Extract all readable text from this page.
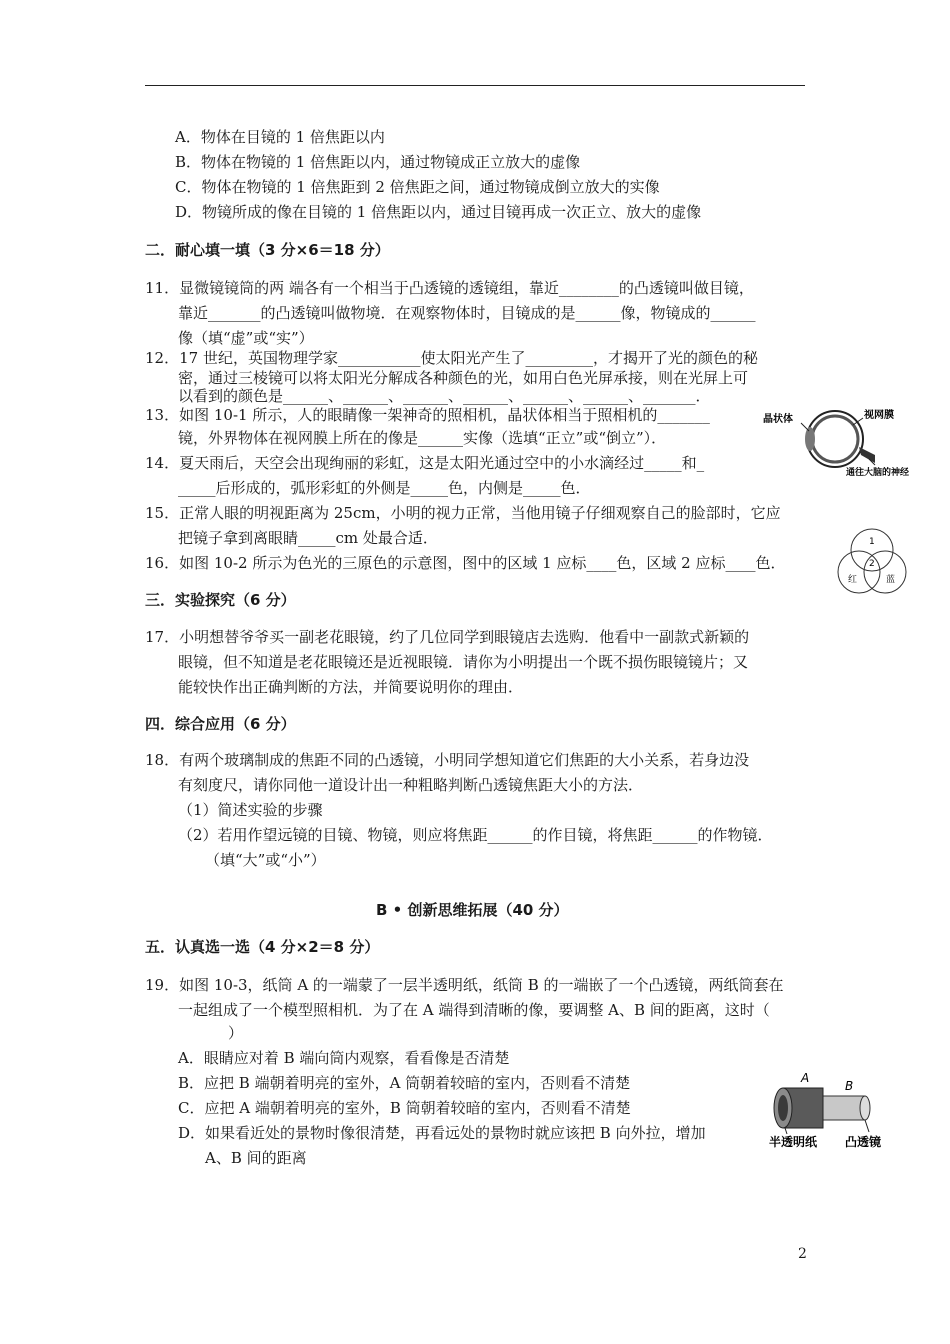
A．物体在目镜的 1 倍焦距以内
B．物体在物镜的 1 倍焦距以内，通过物镜成正立放大的虚像
C．物体在物镜的 1 倍焦距到 2 倍焦距之间，通过物镜成倒立放大的实像
D．物镜所成的像在目镜的 1 倍焦距以内，通过目镜再成一次正立、放大的虚像
二．耐心填一填（3 分×6＝18 分）
11．显微镜镜筒的两 端各有一个相当于凸透镜的透镜组，靠近________的凸透镜叫做目镜，
靠近_______的凸透镜叫做物境．在观察物体时，目镜成的是______像，物镜成的______
像（填“虚”或“实”）
12．17 世纪，英国物理学家___________使太阳光产生了_________，才揭开了光的颜色的秘
密，通过三棱镜可以将太阳光分解成各种颜色的光，如用白色光屏承接，则在光屏上可
以看到的颜色是______、______、______、______、______、______、_______．
13．如图 10-1 所示，人的眼睛像一架神奇的照相机，晶状体相当于照相机的_______
镜，外界物体在视网膜上所在的像是______实像（选填“正立”或“倒立”）．
14．夏天雨后，天空会出现绚丽的彩虹，这是太阳光通过空中的小水滴经过_____和_
_____后形成的，弧形彩虹的外侧是_____色，内侧是_____色．
15．正常人眼的明视距离为 25cm，小明的视力正常，当他用镜子仔细观察自己的脸部时，它应
把镜子拿到离眼睛_____cm 处最合适．
16．如图 10-2 所示为色光的三原色的示意图，图中的区域 1 应标____色，区域 2 应标____色．
三．实验探究（6 分）
17．小明想替爷爷买一副老花眼镜，约了几位同学到眼镜店去选购．他看中一副款式新颖的
眼镜，但不知道是老花眼镜还是近视眼镜．请你为小明提出一个既不损伤眼镜镜片；又
能较快作出正确判断的方法，并简要说明你的理由．
四．综合应用（6 分）
18．有两个玻璃制成的焦距不同的凸透镜，小明同学想知道它们焦距的大小关系，若身边没
有刻度尺，请你同他一道设计出一种粗略判断凸透镜焦距大小的方法．
（1）简述实验的步骤
（2）若用作望远镜的目镜、物镜，则应将焦距______的作目镜，将焦距______的作物镜．
（填“大”或“小”）
B • 创新思维拓展（40 分）
五．认真选一选（4 分×2＝8 分）
19．如图 10-3，纸筒 A 的一端蒙了一层半透明纸，纸筒 B 的一端嵌了一个凸透镜，两纸筒套在
一起组成了一个模型照相机．为了在 A 端得到清晰的像，要调整 A、B 间的距离，这时（
）
A．眼睛应对着 B 端向筒内观察，看看像是否清楚
B．应把 B 端朝着明亮的室外，A 筒朝着较暗的室内，否则看不清楚
C．应把 A 端朝着明亮的室外，B 筒朝着较暗的室内，否则看不清楚
D．如果看近处的景物时像很清楚，再看远处的景物时就应该把 B 向外拉，增加
A、B 间的距离
晶状体	视网膜
通往大脑的神经
1
2
红	蓝
A
B
半透明纸 凸透镜
2
